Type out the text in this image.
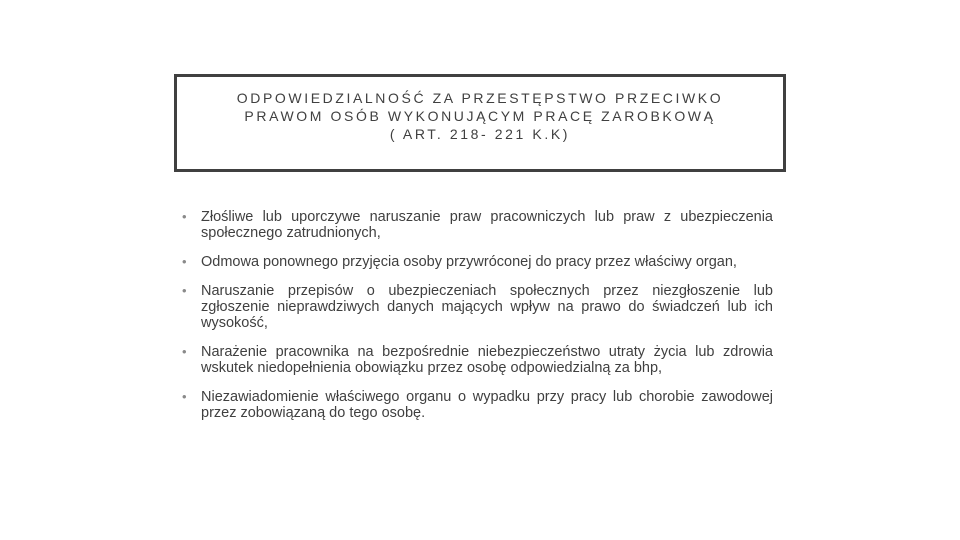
ODPOWIEDZIALNOŚĆ ZA PRZESTĘPSTWO PRZECIWKO
PRAWOM OSÓB WYKONUJĄCYM PRACĘ ZAROBKOWĄ
( ART. 218- 221 K.K)
• Złośliwe lub uporczywe naruszanie praw pracowniczych lub praw z ubezpieczenia społecznego zatrudnionych,
• Odmowa ponownego przyjęcia osoby przywróconej do pracy przez właściwy organ,
• Naruszanie przepisów o ubezpieczeniach społecznych przez niezgłoszenie lub zgłoszenie nieprawdziwych danych mających wpływ na prawo do świadczeń lub ich wysokość,
• Narażenie pracownika na bezpośrednie niebezpieczeństwo utraty życia lub zdrowia wskutek niedopełnienia obowiązku przez osobę odpowiedzialną za bhp,
• Niezawiadomienie właściwego organu o wypadku przy pracy lub chorobie zawodowej przez zobowiązaną do tego osobę.
